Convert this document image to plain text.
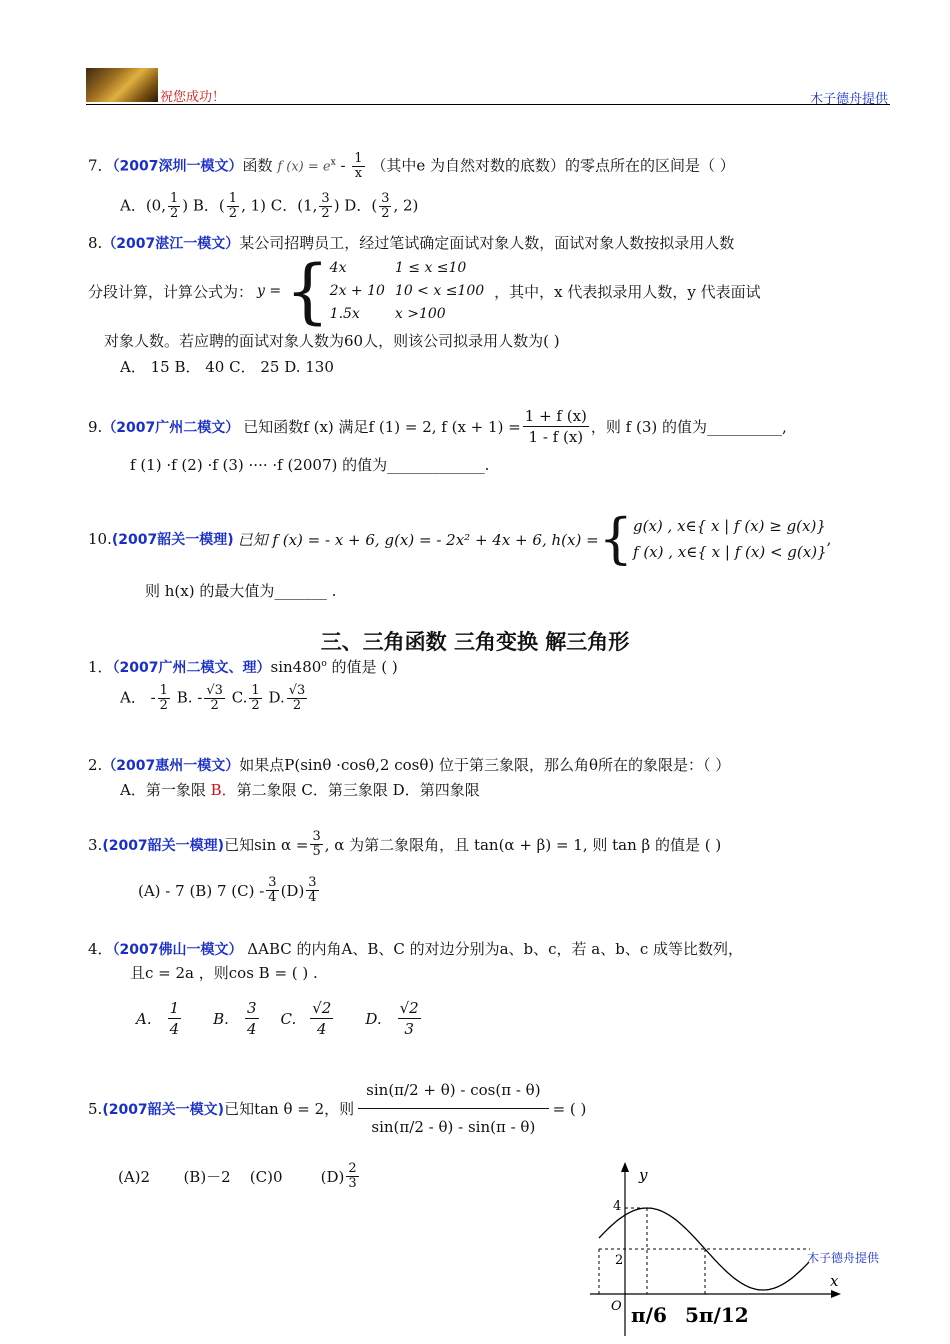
祝您成功！	木子德舟提供
7．（2007深圳一模文）函数 f $(x) = e^x - \frac{1}{x}$ （其中e 为自然对数的底数）的零点所在的区间是（ ）
A．(0, $\frac{1}{2}$ ) B．( $\frac{1}{2}$ , 1) C．(1, $\frac{3}{2}$ ) D．( $\frac{3}{2}$ , 2)
8.（2007湛江一模文）某公司招聘员工，经过笔试确定面试对象人数，面试对象人数按拟录用人数
分段计算，计算公式为： y = { 4x	1 ≤ x ≤10
2x + 10	10 < x ≤100
1.5x	x >100
，其中，x 代表拟录用人数，y 代表面试
对象人数。若应聘的面试对象人数为60人，则该公司拟录用人数为( )
A． 15 B． 40 C． 25 D. 130
9. （2007广州二模文） 已知函数f (x) 满足f (1) = 2, f $(x + 1) = \frac{1 + f (x)}{1 - f (x)}$ ，则 f (3) 的值为__________,
f (1) ·f (2) ·f (3) ···· ·f (2007) 的值为_____________.
10. (2007韶关一模理) 已知 f (x) = - x + 6, g(x) = - 2x² + 4x + 6, h(x) = { g(x) , x∈{ x | f (x) ≥ g(x)}
f (x) , x∈{ x | f (x) < g(x)}
,
则 h(x) 的最大值为_______ .
三、三角函数 三角变换 解三角形
1．（2007广州二模文、理）sin480$^o$ 的值是 ( )
A． - $\frac{1}{2} B$. - $\frac{√3}{2} C$. $\frac{1}{2} D$. $\frac{√3}{2}$
2.（2007惠州一模文）如果点P(sinθ ·cosθ,2 cosθ) 位于第三象限，那么角θ所在的象限是：（ ）
A．第一象限 B．第二象限 C．第三象限 D．第四象限
3. (2007韶关一模理) 已知$\sin \alpha = \frac{3}{5}$ , α 为第二象限角，且 tan(α + β) = 1, 则 tan β 的值是 ( )
(A) - 7 (B) 7 $(C) - \frac{3}{4} (D) \frac{3}{4}$
4．（2007佛山一模文） ΔABC 的内角A、B、C 的对边分别为a、b、c，若 a、b、c 成等比数列，
且c = 2a ，则cos B = ( ) .
A. $\frac{1}{4} B$. $\frac{3}{4} C$. $\frac{√2}{4} D$. $\frac{√2}{3}$
5. (2007韶关一模文) 已知tan θ = 2，则 $\frac{\sin(\pi/2 + \theta) - \cos(\pi - \theta)}{\sin(\pi/2 - \theta) - \sin(\pi - \theta)}$ = ( )
(A)2       (B)－2    (C)0        $(D) \frac{2}{3}$	y
x
O
4
2
π/6 5π/12
木子德舟提供
